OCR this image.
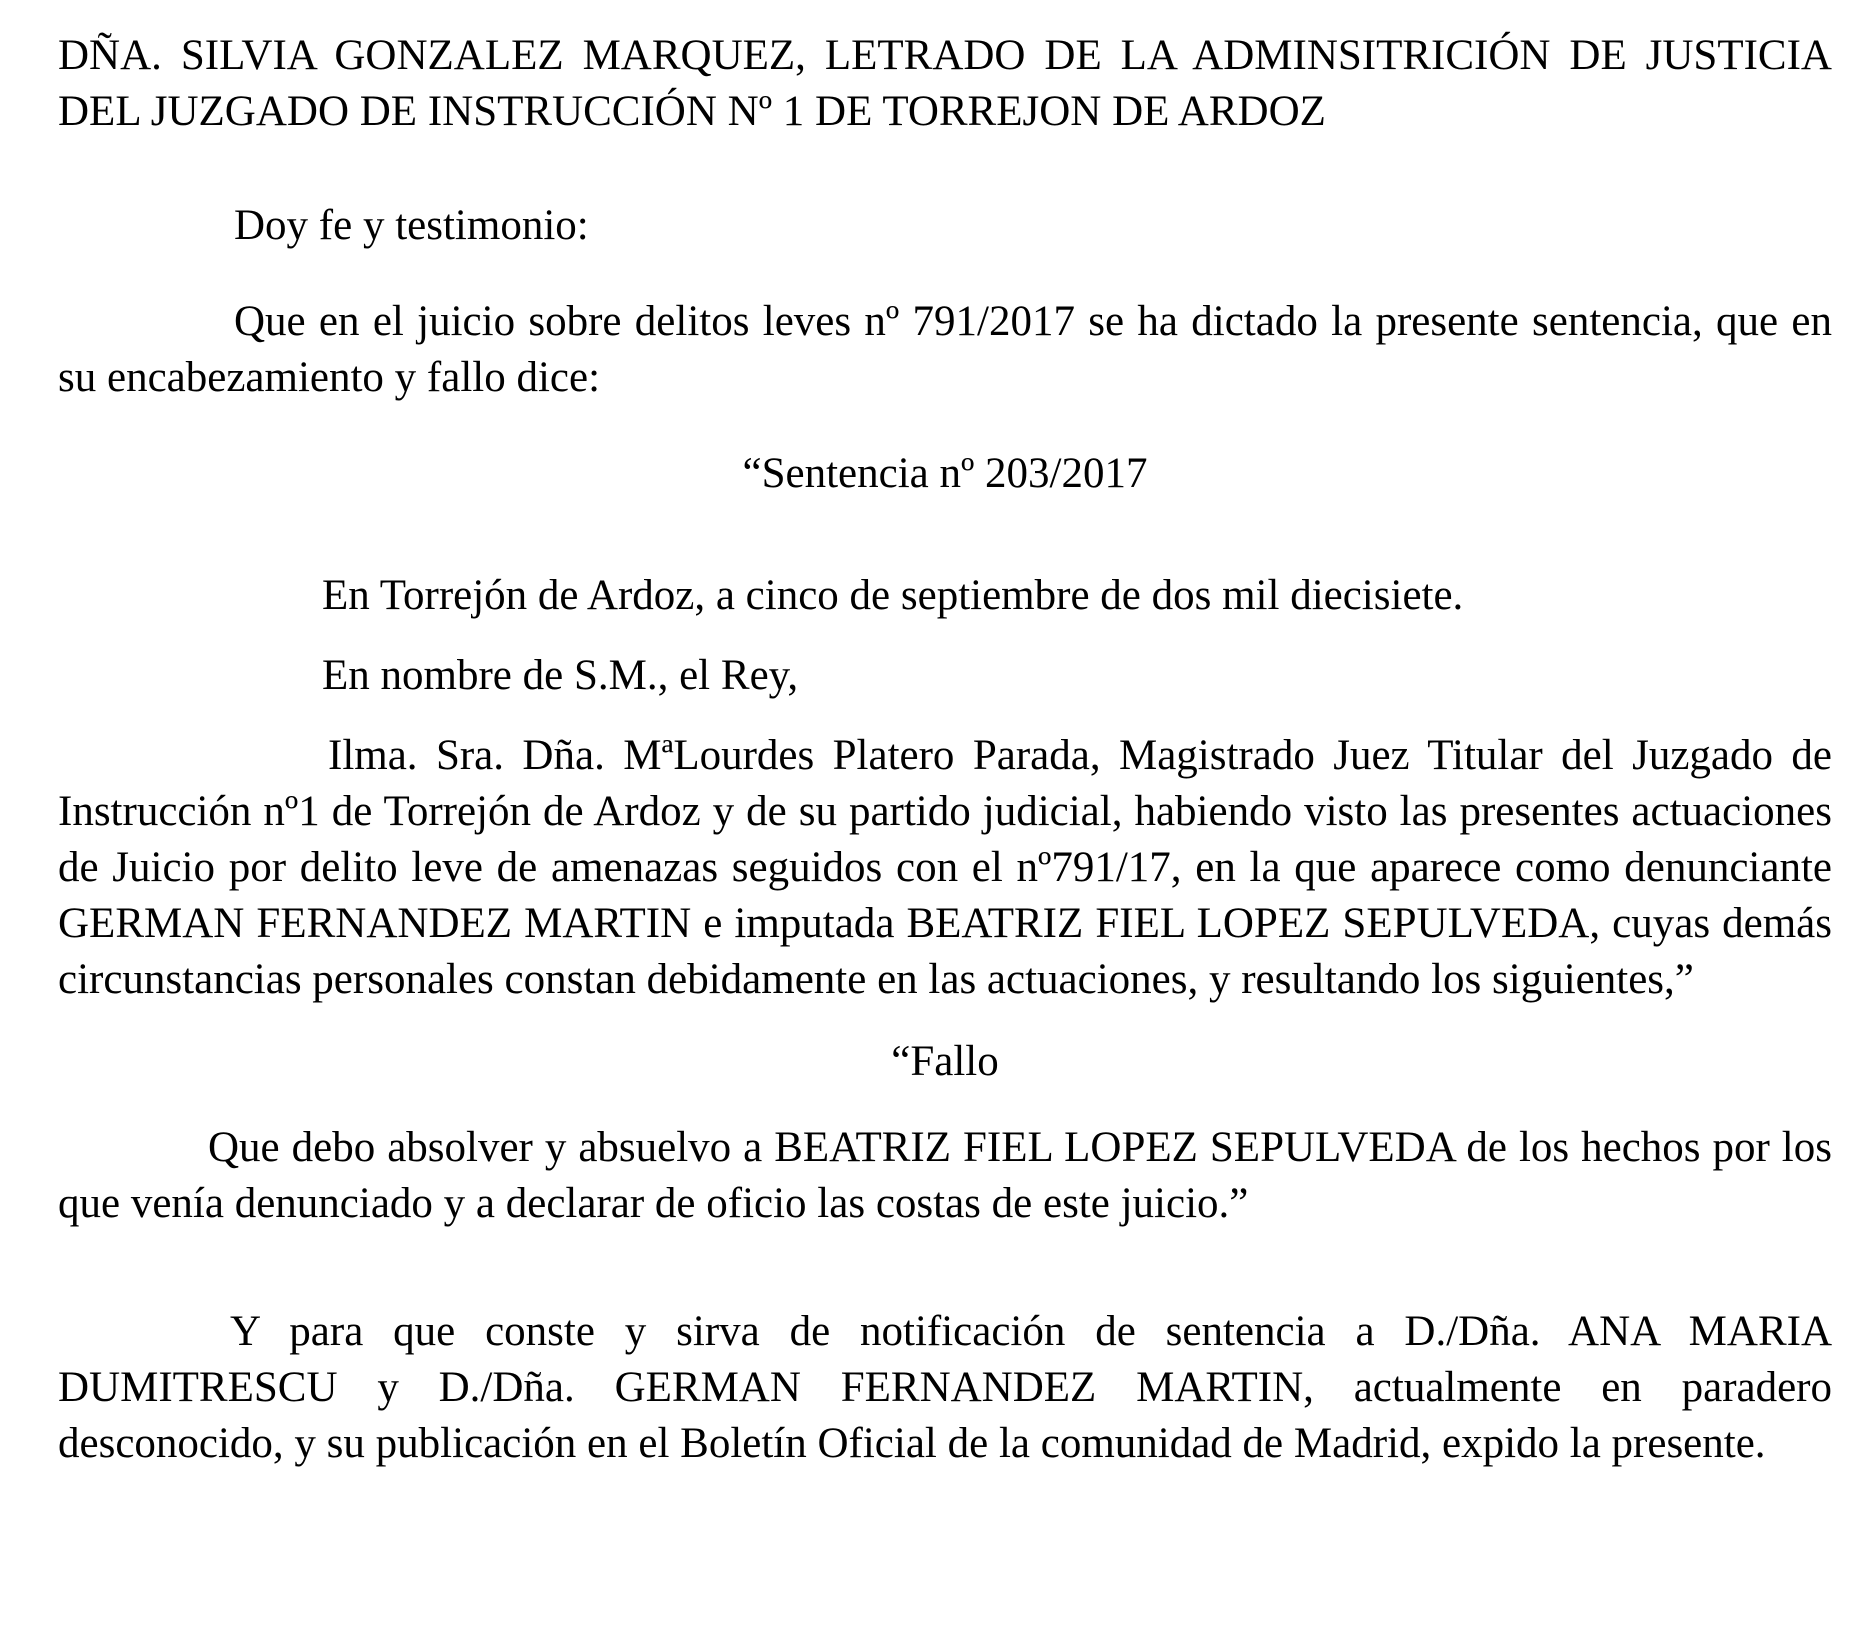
DÑA. SILVIA GONZALEZ MARQUEZ, LETRADO DE LA ADMINSITRICIÓN DE JUSTICIA DEL JUZGADO DE INSTRUCCIÓN Nº 1 DE TORREJON DE ARDOZ

Doy fe y testimonio:

Que en el juicio sobre delitos leves nº 791/2017 se ha dictado la presente sentencia, que en su encabezamiento y fallo dice:

“Sentencia nº 203/2017

En Torrejón de Ardoz, a cinco de septiembre de dos mil diecisiete.

En nombre de S.M., el Rey,

Ilma. Sra. Dña. MªLourdes Platero Parada, Magistrado Juez Titular del Juzgado de Instrucción nº1 de Torrejón de Ardoz y de su partido judicial, habiendo visto las presentes actuaciones de Juicio por delito leve de amenazas seguidos con el nº791/17, en la que aparece como denunciante GERMAN FERNANDEZ MARTIN e imputada BEATRIZ FIEL LOPEZ SEPULVEDA, cuyas demás circunstancias personales constan debidamente en las actuaciones, y resultando los siguientes,”

“Fallo

Que debo absolver y absuelvo a BEATRIZ FIEL LOPEZ SEPULVEDA de los hechos por los que venía denunciado y a declarar de oficio las costas de este juicio.”

Y para que conste y sirva de notificación de sentencia a D./Dña. ANA MARIA DUMITRESCU y D./Dña. GERMAN FERNANDEZ MARTIN, actualmente en paradero desconocido, y su publicación en el Boletín Oficial de la comunidad de Madrid, expido la presente.
